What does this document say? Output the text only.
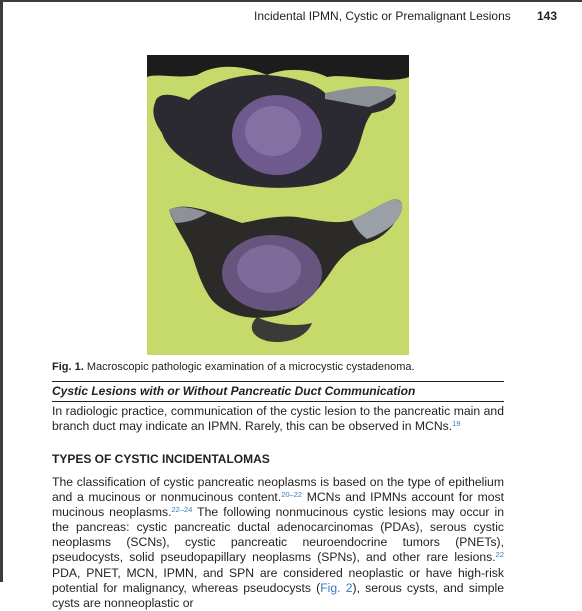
Incidental IPMN, Cystic or Premalignant Lesions 143
Fig. 1. Macroscopic pathologic examination of a microcystic cystadenoma.
Cystic Lesions with or Without Pancreatic Duct Communication
In radiologic practice, communication of the cystic lesion to the pancreatic main and branch duct may indicate an IPMN. Rarely, this can be observed in MCNs.$^{19}$
TYPES OF CYSTIC INCIDENTALOMAS
The classification of cystic pancreatic neoplasms is based on the type of epithelium and a mucinous or nonmucinous content.$^{20-22}$ MCNs and IPMNs account for most mucinous neoplasms.$^{22-24}$ The following nonmucinous cystic lesions may occur in the pancreas: cystic pancreatic ductal adenocarcinomas (PDAs), serous cystic neoplasms (SCNs), cystic pancreatic neuroendocrine tumors (PNETs), pseudocysts, solid pseudopapillary neoplasms (SPNs), and other rare lesions.$^{22}$ PDA, PNET, MCN, IPMN, and SPN are considered neoplastic or have high-risk potential for malignancy, whereas pseudocysts (Fig. 2), serous cysts, and simple cysts are nonneoplastic or
